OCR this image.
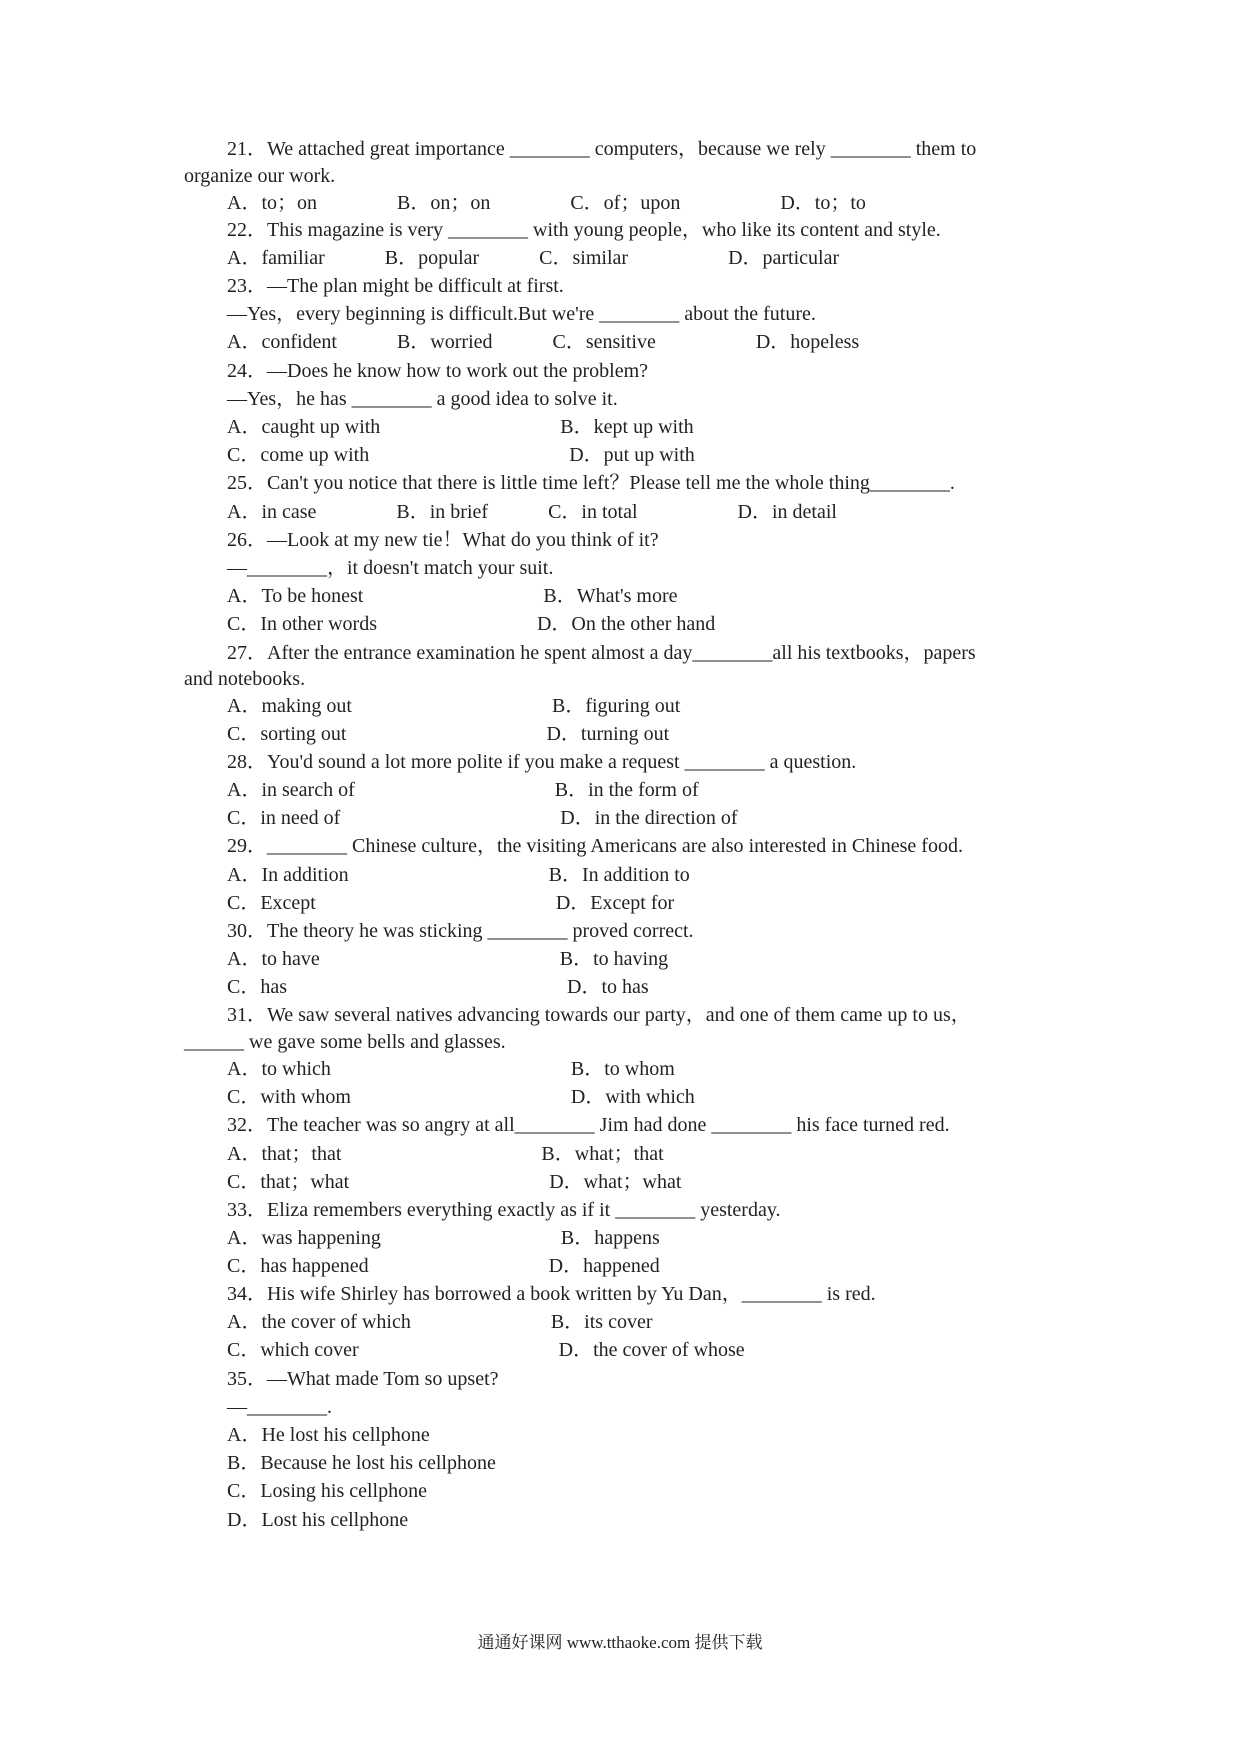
21．We attached great importance ________ computers，because we rely ________ them to
organize our work.
A．to；on　　　　B．on；on　　　　C．of；upon　　　　　D．to；to
22．This magazine is very ________ with young people，who like its content and style.
A．familiar　　　B．popular　　　C．similar　　　　　D．particular
23．—The plan might be difficult at first.
—Yes，every beginning is difficult.But we're ________ about the future.
A．confident　　　B．worried　　　C．sensitive　　　　　D．hopeless
24．—Does he know how to work out the problem?
—Yes，he has ________ a good idea to solve it.
A．caught up with　　　　　　　　　B．kept up with
C．come up with　　　　　　　　　　D．put up with
25．Can't you notice that there is little time left？Please tell me the whole thing________.
A．in case　　　　B．in brief　　　C．in total　　　　　D．in detail
26．—Look at my new tie！What do you think of it?
—________，it doesn't match your suit.
A．To be honest　　　　　　　　　B．What's more
C．In other words　　　　　　　　D．On the other hand
27．After the entrance examination he spent almost a day________all his textbooks，papers
and notebooks.
A．making out　　　　　　　　　　B．figuring out
C．sorting out　　　　　　　　　　D．turning out
28．You'd sound a lot more polite if you make a request ________ a question.
A．in search of　　　　　　　　　　B．in the form of
C．in need of　　　　　　　　　　　D．in the direction of
29．________ Chinese culture，the visiting Americans are also interested in Chinese food.
A．In addition　　　　　　　　　　B．In addition to
C．Except　　　　　　　　　　　　D．Except for
30．The theory he was sticking ________ proved correct.
A．to have　　　　　　　　　　　　B．to having
C．has　　　　　　　　　　　　　　D．to has
31．We saw several natives advancing towards our party，and one of them came up to us，
______ we gave some bells and glasses.
A．to which　　　　　　　　　　　　B．to whom
C．with whom　　　　　　　　　　　D．with which
32．The teacher was so angry at all________ Jim had done ________ his face turned red.
A．that；that　　　　　　　　　　B．what；that
C．that；what　　　　　　　　　　D．what；what
33．Eliza remembers everything exactly as if it ________ yesterday.
A．was happening　　　　　　　　　B．happens
C．has happened　　　　　　　　　D．happened
34．His wife Shirley has borrowed a book written by Yu Dan，________ is red.
A．the cover of which　　　　　　　B．its cover
C．which cover　　　　　　　　　　D．the cover of whose
35．—What made Tom so upset?
—________.
A．He lost his cellphone
B．Because he lost his cellphone
C．Losing his cellphone
D．Lost his cellphone
通通好课网 www.tthaoke.com 提供下载
